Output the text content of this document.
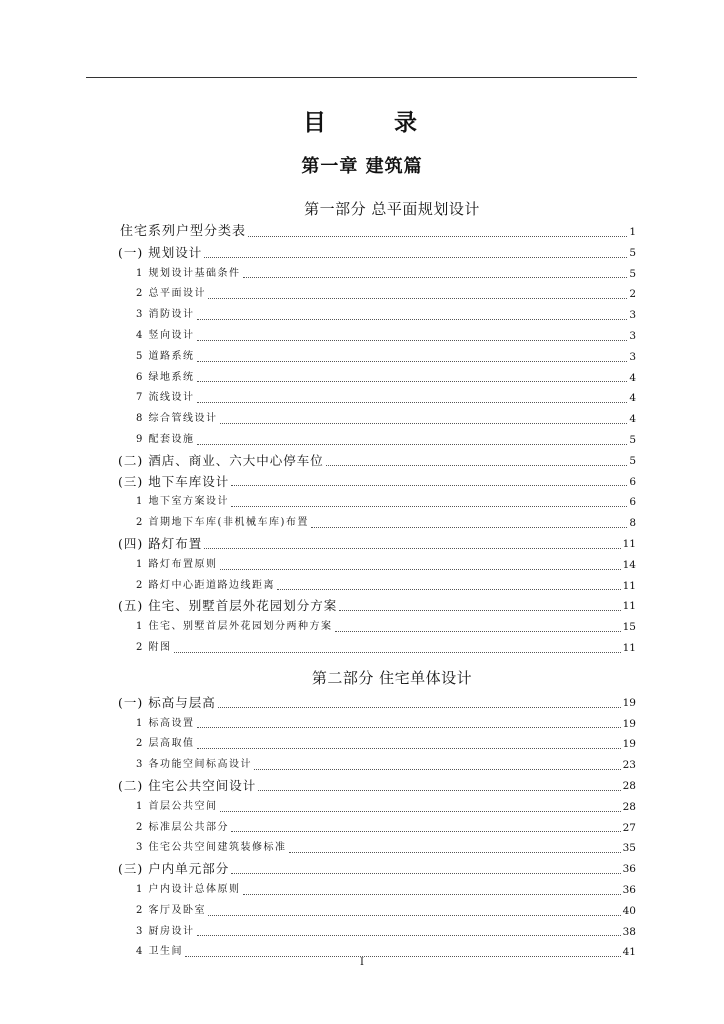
目 录
第一章 建筑篇
第一部分 总平面规划设计
住宅系列户型分类表	1
(一) 规划设计	5
1 规划设计基础条件	5
2 总平面设计	2
3 消防设计	3
4 竖向设计	3
5 道路系统	3
6 绿地系统	4
7 流线设计	4
8 综合管线设计	4
9 配套设施	5
(二) 酒店、商业、六大中心停车位	5
(三) 地下车库设计	6
1 地下室方案设计	6
2 首期地下车库(非机械车库)布置	8
(四) 路灯布置	11
1 路灯布置原则	14
2 路灯中心距道路边线距离	11
(五) 住宅、别墅首层外花园划分方案	11
1 住宅、别墅首层外花园划分两种方案	15
2 附图	11
第二部分 住宅单体设计
(一) 标高与层高	19
1 标高设置	19
2 层高取值	19
3 各功能空间标高设计	23
(二) 住宅公共空间设计	28
1 首层公共空间	28
2 标准层公共部分	27
3 住宅公共空间建筑装修标准	35
(三) 户内单元部分	36
1 户内设计总体原则	36
2 客厅及卧室	40
3 厨房设计	38
4 卫生间	41
I
